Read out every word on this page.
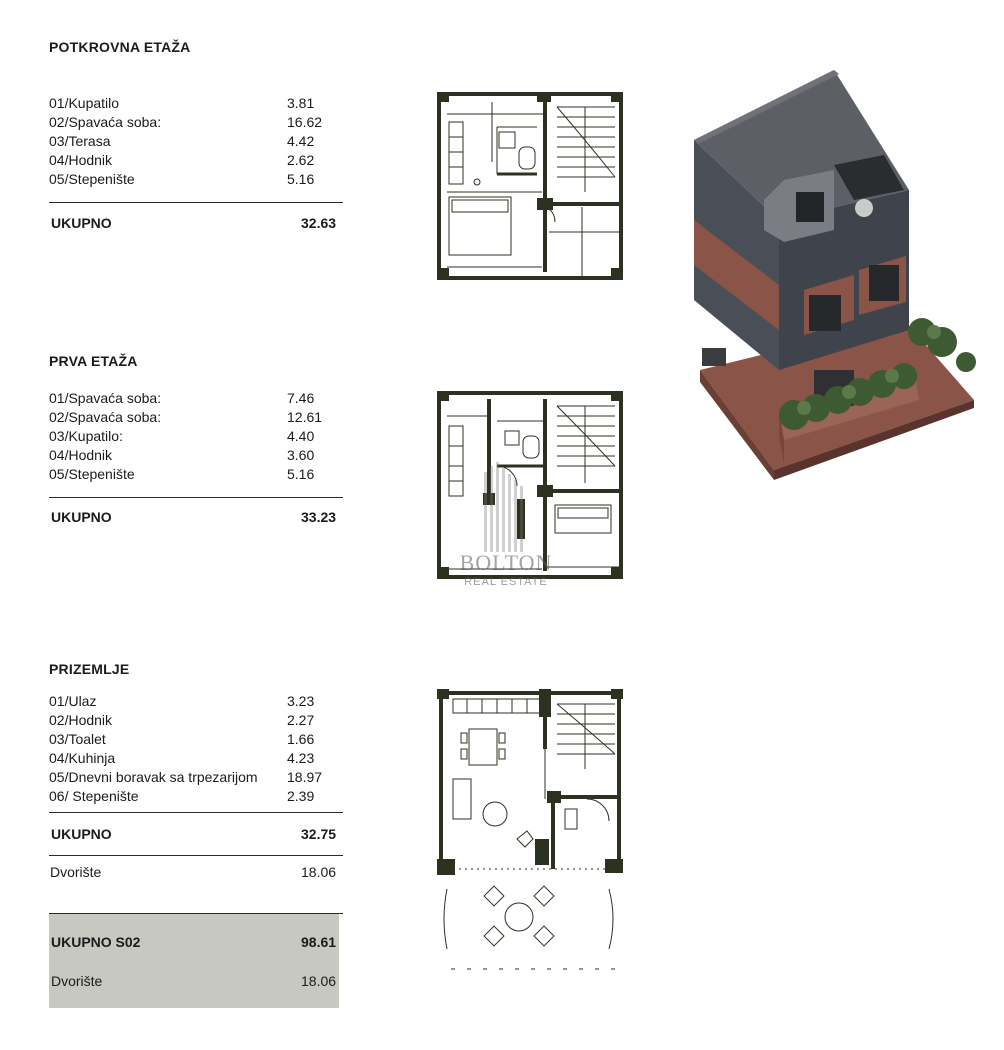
POTKROVNA ETAŽA
01/Kupatilo	3.81
02/Spavaća soba:	16.62
03/Terasa	4.42
04/Hodnik	2.62
05/Stepenište	5.16
UKUPNO	32.63
PRVA ETAŽA
01/Spavaća soba:	7.46
02/Spavaća soba:	12.61
03/Kupatilo:	4.40
04/Hodnik	3.60
05/Stepenište	5.16
UKUPNO	33.23
PRIZEMLJE
01/Ulaz	3.23
02/Hodnik	2.27
03/Toalet	1.66
04/Kuhinja	4.23
05/Dnevni boravak sa trpezarijom 18.97
06/ Stepenište	2.39
UKUPNO	32.75
Dvorište	18.06
UKUPNO S02	98.61
Dvorište	18.06
BOLTON
REAL ESTATE
